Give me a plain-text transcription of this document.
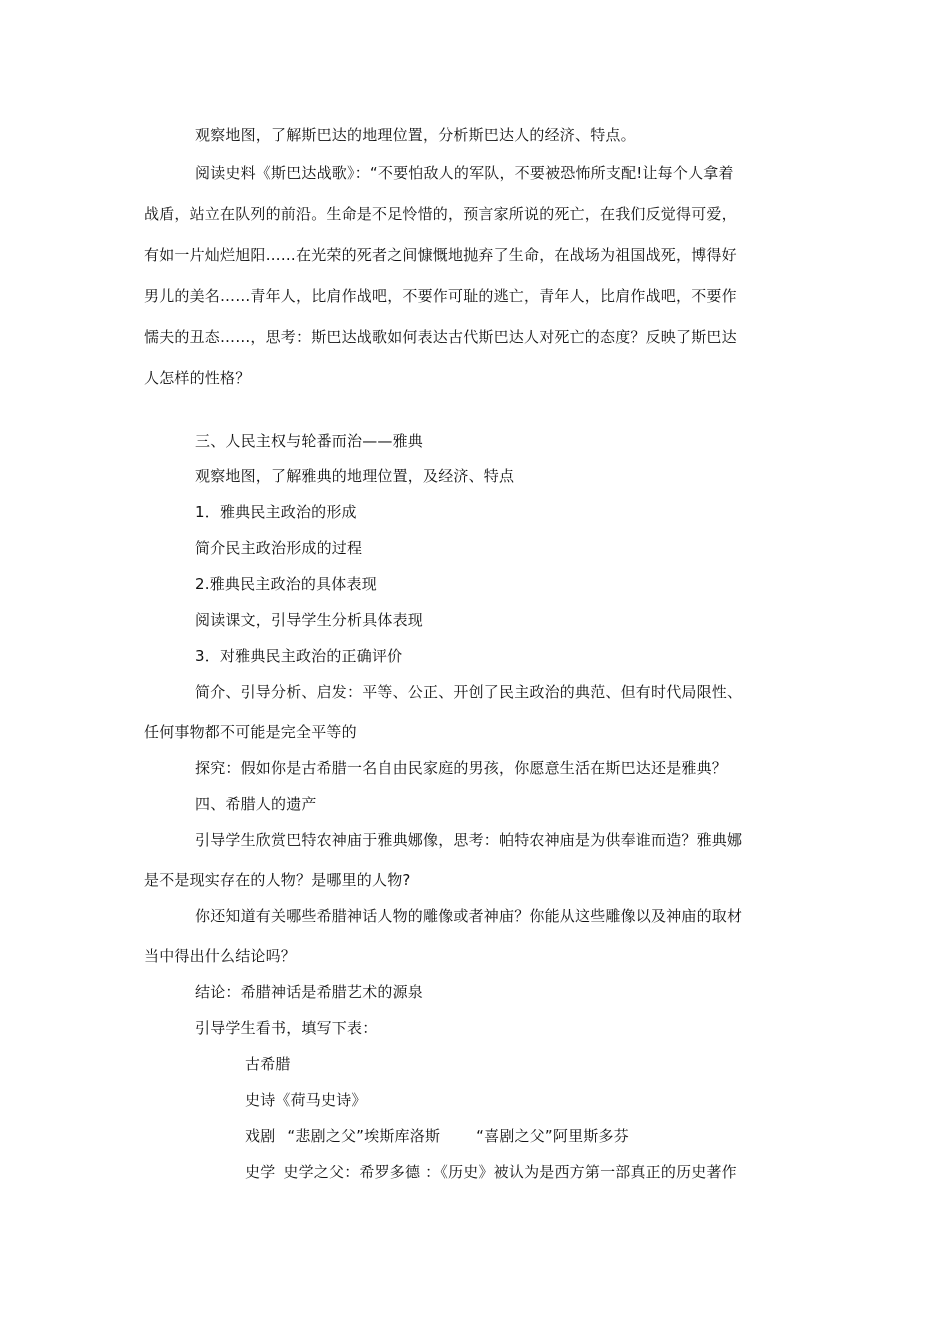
观察地图，了解斯巴达的地理位置，分析斯巴达人的经济、特点。
阅读史料《斯巴达战歌》：“不要怕敌人的军队，不要被恐怖所支配!让每个人拿着
战盾，站立在队列的前沿。生命是不足怜惜的，预言家所说的死亡，在我们反觉得可爱，
有如一片灿烂旭阳……在光荣的死者之间慷慨地抛弃了生命，在战场为祖国战死，博得好
男儿的美名……青年人，比肩作战吧，不要作可耻的逃亡，青年人，比肩作战吧，不要作
懦夫的丑态……，思考：斯巴达战歌如何表达古代斯巴达人对死亡的态度？反映了斯巴达
人怎样的性格？
三、人民主权与轮番而治——雅典
观察地图，了解雅典的地理位置，及经济、特点
1．雅典民主政治的形成
简介民主政治形成的过程
2.雅典民主政治的具体表现
阅读课文，引导学生分析具体表现
3．对雅典民主政治的正确评价
简介、引导分析、启发：平等、公正、开创了民主政治的典范、但有时代局限性、
任何事物都不可能是完全平等的
探究：假如你是古希腊一名自由民家庭的男孩，你愿意生活在斯巴达还是雅典？
四、希腊人的遗产
引导学生欣赏巴特农神庙于雅典娜像，思考：帕特农神庙是为供奉谁而造？雅典娜
是不是现实存在的人物？是哪里的人物?
你还知道有关哪些希腊神话人物的雕像或者神庙？你能从这些雕像以及神庙的取材
当中得出什么结论吗？
结论：希腊神话是希腊艺术的源泉
引导学生看书，填写下表：
古希腊
史诗《荷马史诗》
戏剧 “悲剧之父”埃斯库洛斯 “喜剧之父”阿里斯多芬
史学 史学之父：希罗多德 ：《历史》被认为是西方第一部真正的历史著作
